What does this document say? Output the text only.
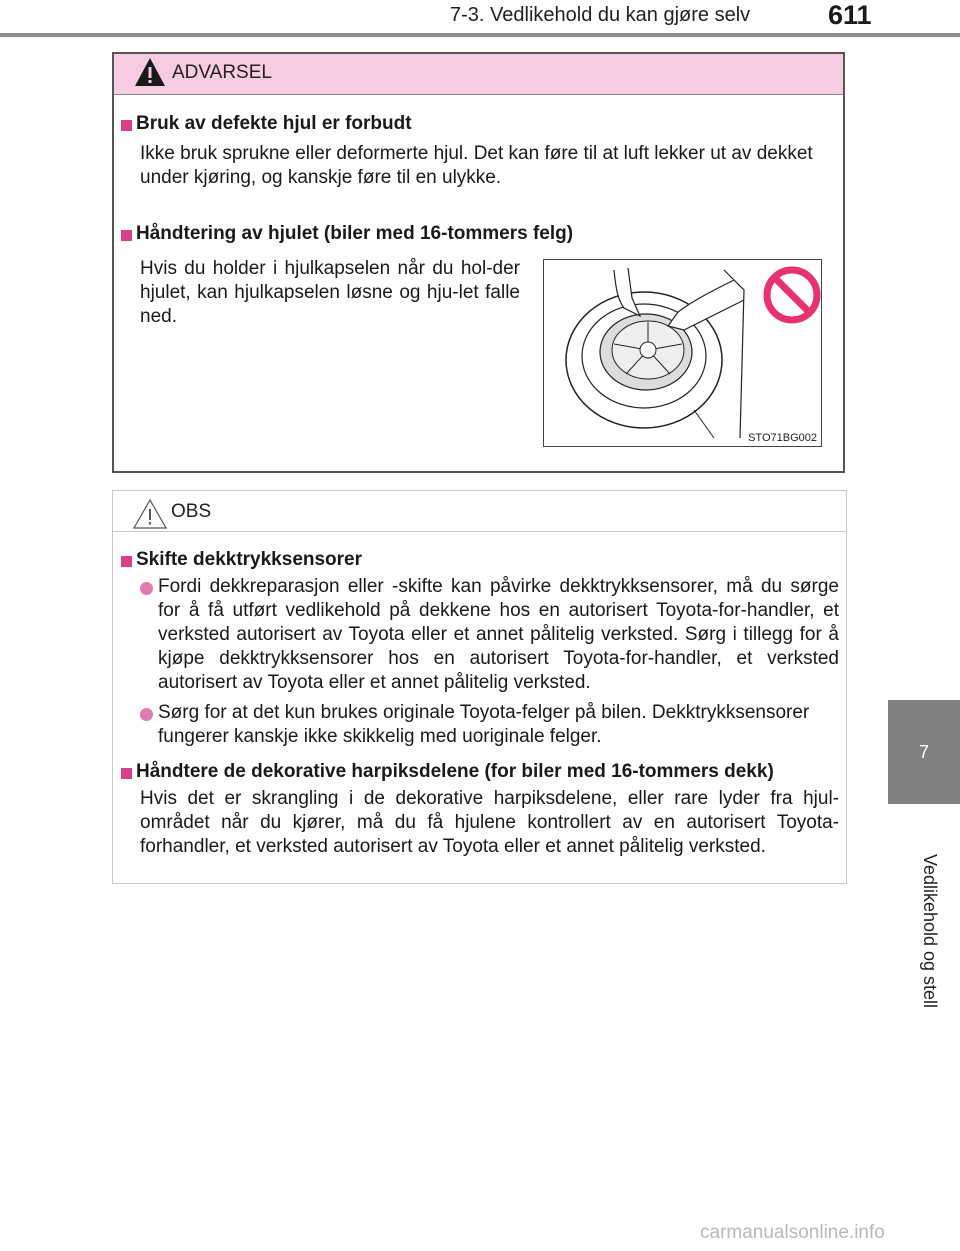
7-3. Vedlikehold du kan gjøre selv	611
7
Vedlikehold og stell
ADVARSEL
Bruk av defekte hjul er forbudt
Ikke bruk sprukne eller deformerte hjul. Det kan føre til at luft lekker ut av dekket under kjøring, og kanskje føre til en ulykke.
Håndtering av hjulet (biler med 16-tommers felg)
Hvis du holder i hjulkapselen når du hol-der hjulet, kan hjulkapselen løsne og hju-let falle ned.
STO71BG002
OBS
Skifte dekktrykksensorer
Fordi dekkreparasjon eller -skifte kan påvirke dekktrykksensorer, må du sørge for å få utført vedlikehold på dekkene hos en autorisert Toyota-for-handler, et verksted autorisert av Toyota eller et annet pålitelig verksted. Sørg i tillegg for å kjøpe dekktrykksensorer hos en autorisert Toyota-for-handler, et verksted autorisert av Toyota eller et annet pålitelig verksted.
Sørg for at det kun brukes originale Toyota-felger på bilen. Dekktrykksensorer fungerer kanskje ikke skikkelig med uoriginale felger.
Håndtere de dekorative harpiksdelene (for biler med 16-tommers dekk)
Hvis det er skrangling i de dekorative harpiksdelene, eller rare lyder fra hjul-området når du kjører, må du få hjulene kontrollert av en autorisert Toyota-forhandler, et verksted autorisert av Toyota eller et annet pålitelig verksted.
carmanualsonline.info
